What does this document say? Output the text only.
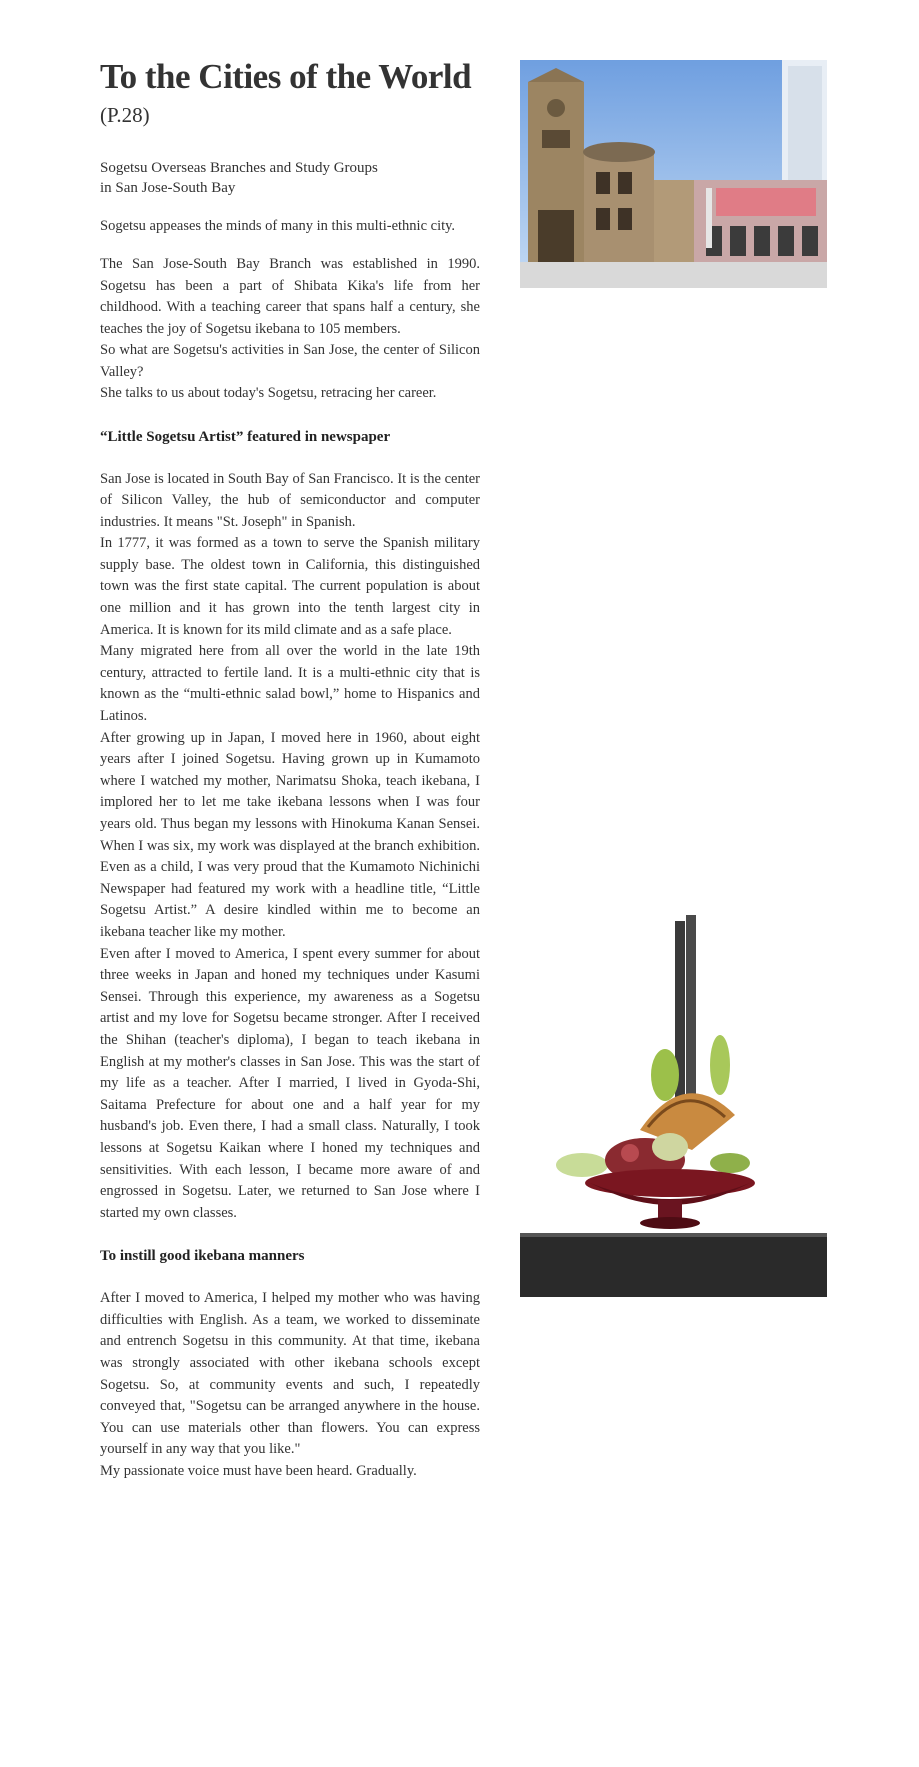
To the Cities of the World
(P.28)
Sogetsu Overseas Branches and Study Groups
in San Jose-South Bay

Sogetsu appeases the minds of many in this multi-ethnic city.

The San Jose-South Bay Branch was established in 1990. Sogetsu has been a part of Shibata Kika's life from her childhood. With a teaching career that spans half a century, she teaches the joy of Sogetsu ikebana to 105 members.

So what are Sogetsu's activities in San Jose, the center of Silicon Valley?

She talks to us about today's Sogetsu, retracing her career.

“Little Sogetsu Artist” featured in newspaper

San Jose is located in South Bay of San Francisco. It is the center of Silicon Valley, the hub of semiconductor and computer industries. It means "St. Joseph" in Spanish.

In 1777, it was formed as a town to serve the Spanish military supply base. The oldest town in California, this distinguished town was the first state capital. The current population is about one million and it has grown into the tenth largest city in America. It is known for its mild climate and as a safe place.

Many migrated here from all over the world in the late 19th century, attracted to fertile land. It is a multi-ethnic city that is known as the “multi-ethnic salad bowl,” home to Hispanics and Latinos.

After growing up in Japan, I moved here in 1960, about eight years after I joined Sogetsu. Having grown up in Kumamoto where I watched my mother, Narimatsu Shoka, teach ikebana, I implored her to let me take ikebana lessons when I was four years old. Thus began my lessons with Hinokuma Kanan Sensei. When I was six, my work was displayed at the branch exhibition. Even as a child, I was very proud that the Kumamoto Nichinichi Newspaper had featured my work with a headline title, “Little Sogetsu Artist.” A desire kindled within me to become an ikebana teacher like my mother.

Even after I moved to America, I spent every summer for about three weeks in Japan and honed my techniques under Kasumi Sensei. Through this experience, my awareness as a Sogetsu artist and my love for Sogetsu became stronger. After I received the Shihan (teacher's diploma), I began to teach ikebana in English at my mother's classes in San Jose. This was the start of my life as a teacher. After I married, I lived in Gyoda-Shi, Saitama Prefecture for about one and a half year for my husband's job. Even there, I had a small class. Naturally, I took lessons at Sogetsu Kaikan where I honed my techniques and sensitivities. With each lesson, I became more aware of and engrossed in Sogetsu. Later, we returned to San Jose where I started my own classes.

To instill good ikebana manners

After I moved to America, I helped my mother who was having difficulties with English. As a team, we worked to disseminate and entrench Sogetsu in this community. At that time, ikebana was strongly associated with other ikebana schools except Sogetsu. So, at community events and such, I repeatedly conveyed that, "Sogetsu can be arranged anywhere in the house. You can use materials other than flowers. You can express yourself in any way that you like."

My passionate voice must have been heard. Gradually.
